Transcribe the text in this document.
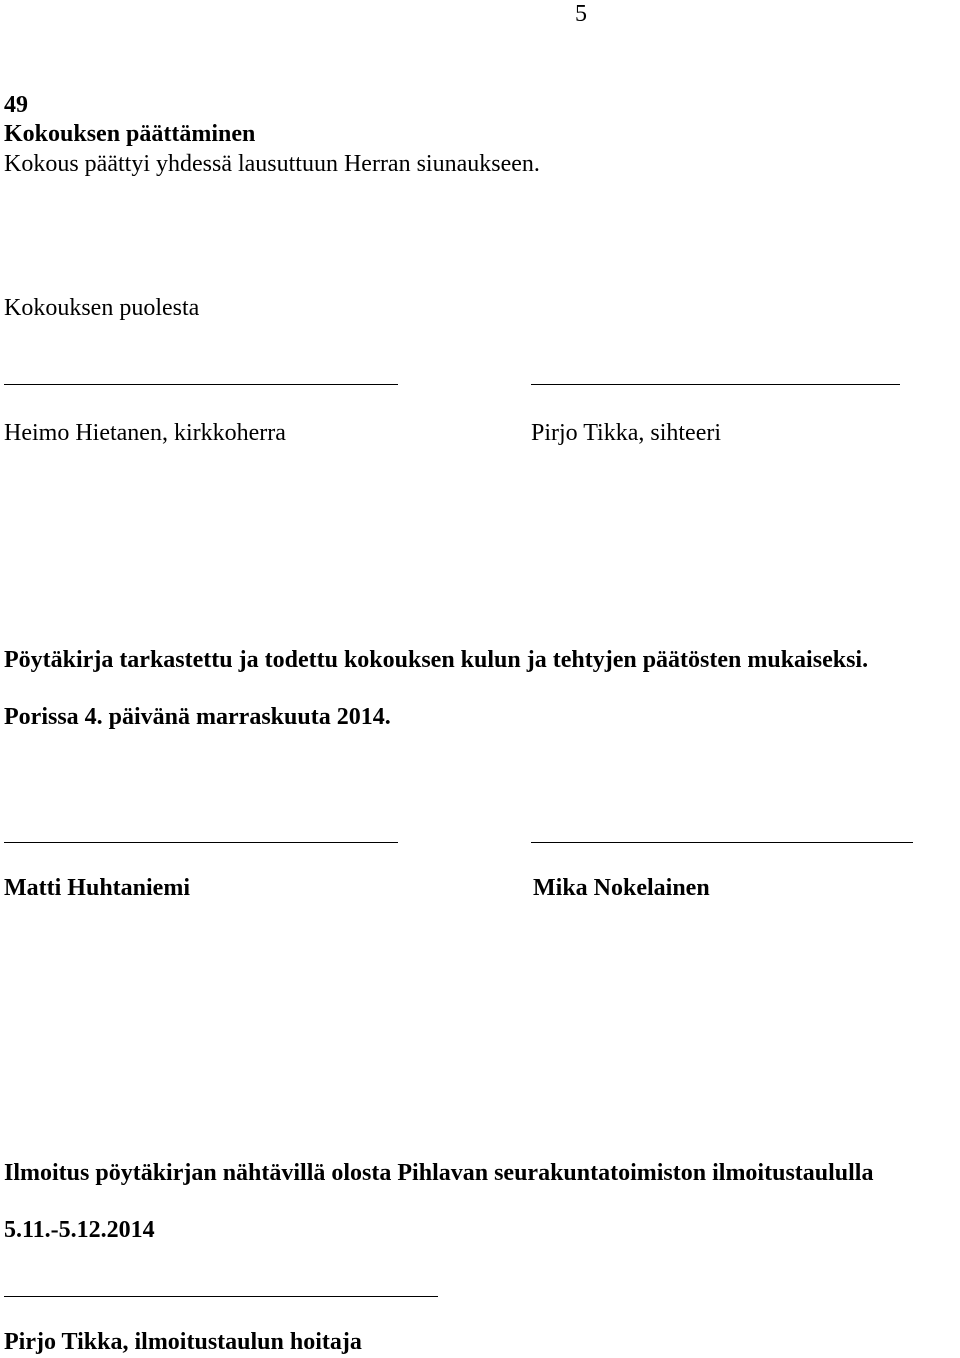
5
49
Kokouksen päättäminen
Kokous päättyi yhdessä lausuttuun Herran siunaukseen.
Kokouksen puolesta
Heimo Hietanen, kirkkoherra	Pirjo Tikka, sihteeri
Pöytäkirja tarkastettu ja todettu kokouksen kulun ja tehtyjen päätösten mukaiseksi.
Porissa 4. päivänä marraskuuta 2014.
Matti Huhtaniemi	Mika Nokelainen
Ilmoitus pöytäkirjan nähtävillä olosta Pihlavan seurakuntatoimiston ilmoitustaululla
5.11.-5.12.2014
Pirjo Tikka, ilmoitustaulun hoitaja
